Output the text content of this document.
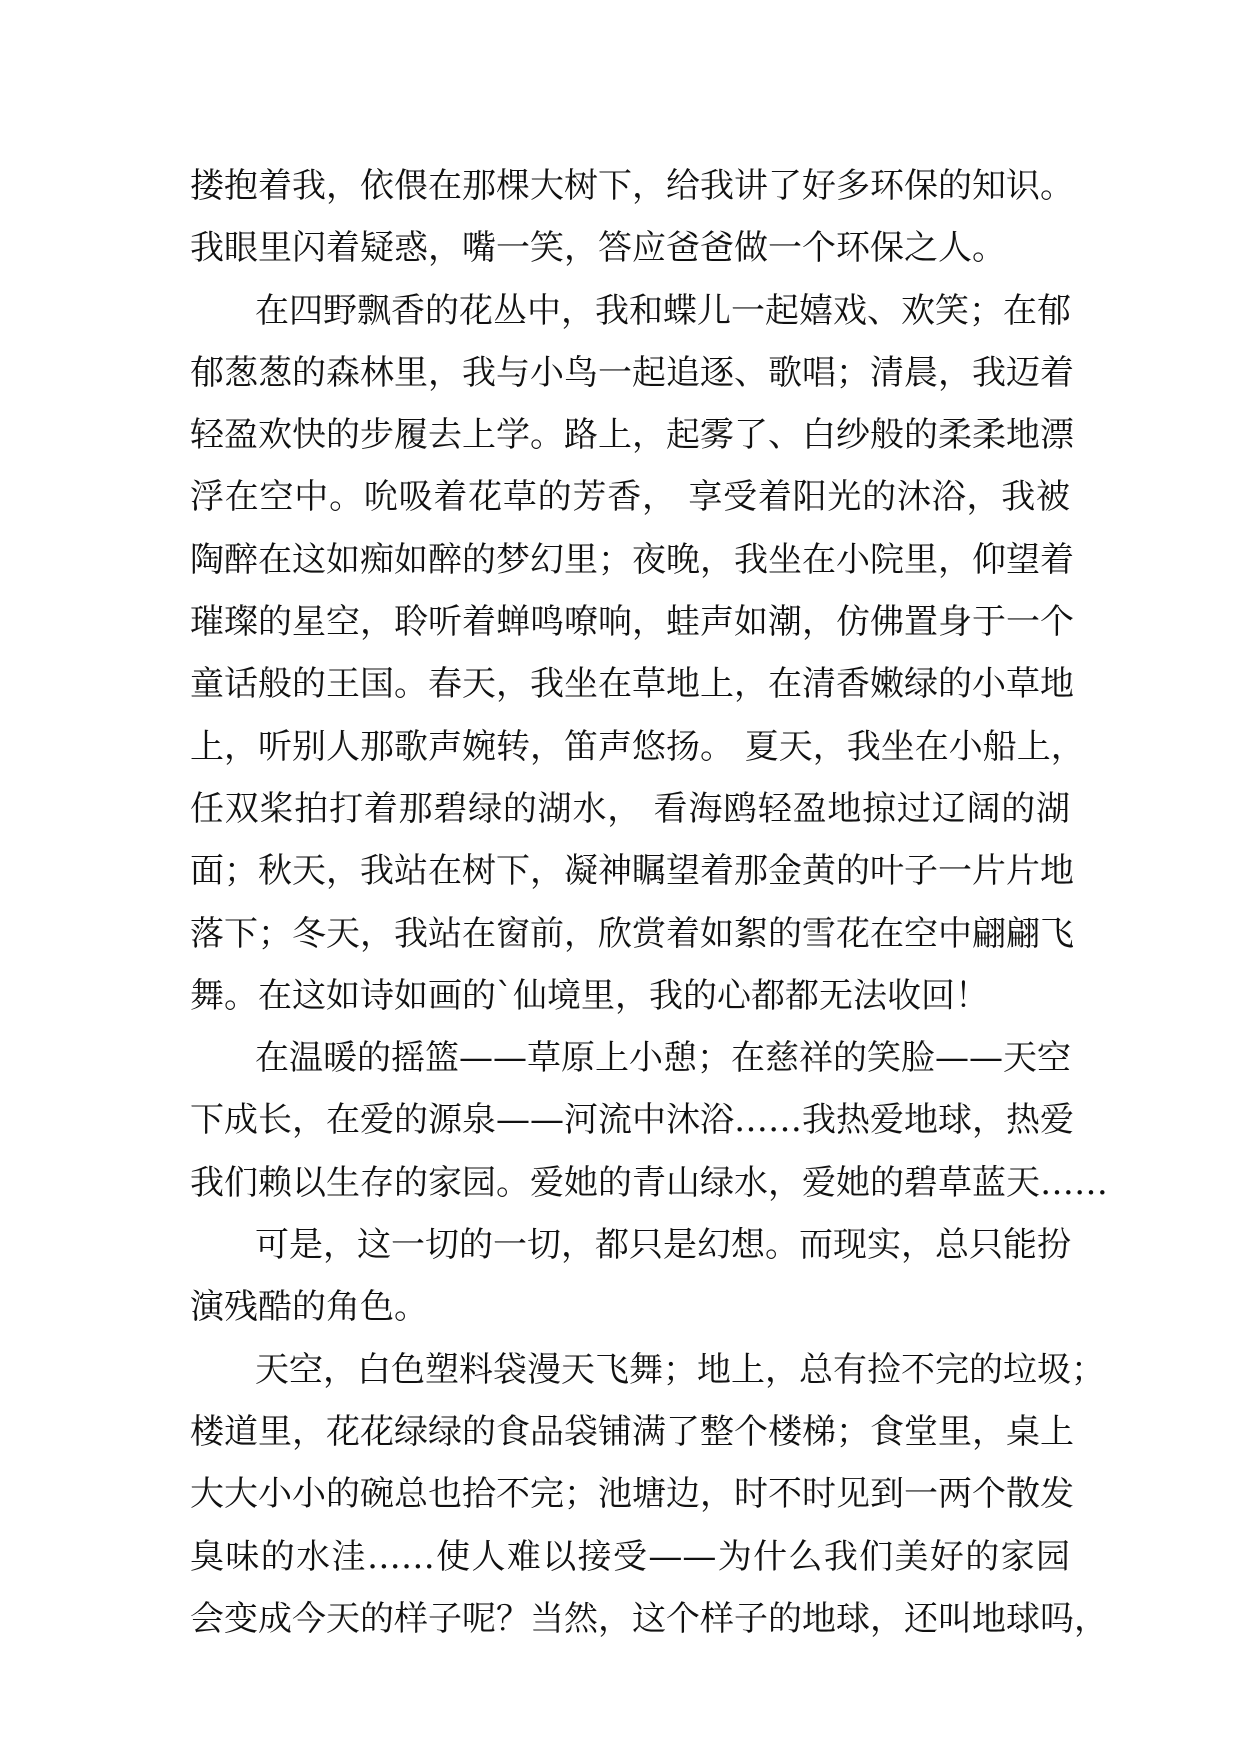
搂抱着我，依偎在那棵大树下，给我讲了好多环保的知识。
我眼里闪着疑惑，嘴一笑，答应爸爸做一个环保之人。
在四野飘香的花丛中，我和蝶儿一起嬉戏、欢笑；在郁
郁葱葱的森林里，我与小鸟一起追逐、歌唱；清晨，我迈着
轻盈欢快的步履去上学。路上，起雾了、白纱般的柔柔地漂
浮在空中。吮吸着花草的芳香， 享受着阳光的沐浴，我被
陶醉在这如痴如醉的梦幻里；夜晚，我坐在小院里，仰望着
璀璨的星空，聆听着蝉鸣嘹响，蛙声如潮，仿佛置身于一个
童话般的王国。春天，我坐在草地上，在清香嫩绿的小草地
上，听别人那歌声婉转，笛声悠扬。 夏天，我坐在小船上，
任双桨拍打着那碧绿的湖水， 看海鸥轻盈地掠过辽阔的湖
面；秋天，我站在树下，凝神瞩望着那金黄的叶子一片片地
落下；冬天，我站在窗前，欣赏着如絮的雪花在空中翩翩飞
舞。在这如诗如画的`仙境里，我的心都都无法收回！
在温暖的摇篮——草原上小憩；在慈祥的笑脸——天空
下成长，在爱的源泉——河流中沐浴……我热爱地球，热爱
我们赖以生存的家园。爱她的青山绿水，爱她的碧草蓝天……
可是，这一切的一切，都只是幻想。而现实，总只能扮
演残酷的角色。
天空，白色塑料袋漫天飞舞；地上，总有捡不完的垃圾；
楼道里，花花绿绿的食品袋铺满了整个楼梯；食堂里，桌上
大大小小的碗总也拾不完；池塘边，时不时见到一两个散发
臭味的水洼……使人难以接受——为什么我们美好的家园
会变成今天的样子呢？当然，这个样子的地球，还叫地球吗，
